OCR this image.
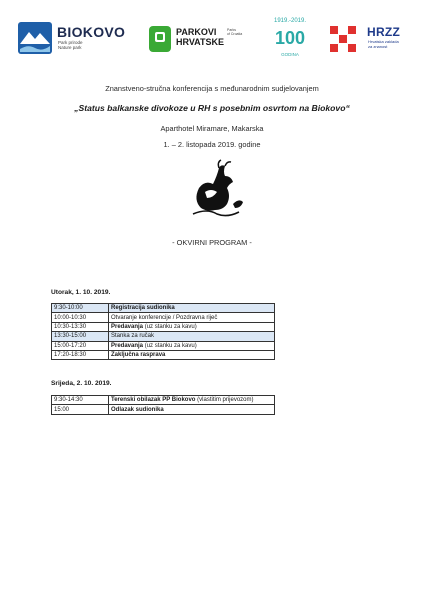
BIOKOVO
Park prirode
Nature park
PARKOVI
HRVATSKE
Parks
of Croatia
1919.-2019.
100
GODINA
HRZZ
Hrvatska zaklada
za znanost
Znanstveno-stručna konferencija s međunarodnim sudjelovanjem
„Status balkanske divokoze u RH s posebnim osvrtom na Biokovo“
Aparthotel Miramare, Makarska
1. – 2. listopada 2019. godine
- OKVIRNI PROGRAM -
Utorak, 1. 10. 2019.
9:30-10:00	Registracija sudionika
10:00-10:30	Otvaranje konferencije / Pozdravna riječ
10:30-13:30	Predavanja (uz stanku za kavu)
13:30-15:00	Stanka za ručak
15:00-17:20	Predavanja (uz stanku za kavu)
17:20-18:30	Zaključna rasprava
Srijeda, 2. 10. 2019.
9:30-14:30	Terenski obilazak PP Biokovo (vlastitim prijevozom)
15:00	Odlazak sudionika
